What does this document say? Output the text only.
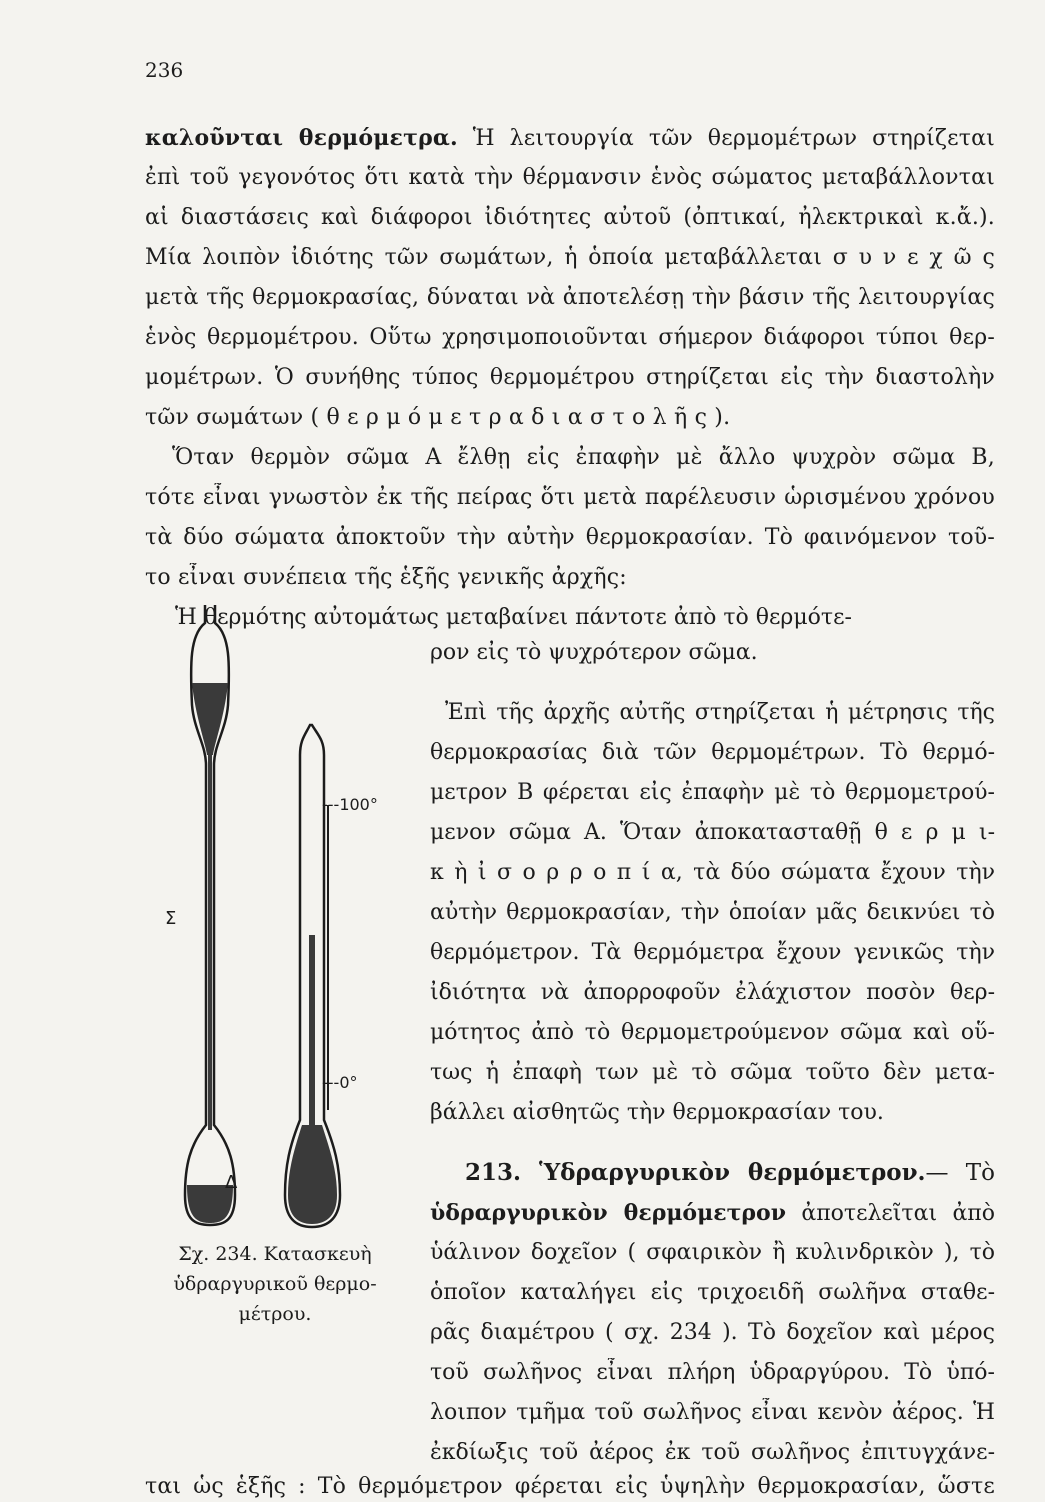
236
καλοῦνται θερμόμετρα. Ἡ λειτουργία τῶν θερμομέτρων στηρίζεται
ἐπὶ τοῦ γεγονότος ὅτι κατὰ τὴν θέρμανσιν ἑνὸς σώματος μεταβάλλονται
αἱ διαστάσεις καὶ διάφοροι ἰδιότητες αὐτοῦ (ὀπτικαί, ἠλεκτρικαὶ κ.ἄ.).
Μία λοιπὸν ἰδιότης τῶν σωμάτων, ἡ ὁποία μεταβάλλεται σ υ ν ε χ ῶ ς
μετὰ τῆς θερμοκρασίας, δύναται νὰ ἀποτελέσῃ τὴν βάσιν τῆς λειτουργίας
ἑνὸς θερμομέτρου. Οὕτω χρησιμοποιοῦνται σήμερον διάφοροι τύποι θερ-
μομέτρων. Ὁ συνήθης τύπος θερμομέτρου στηρίζεται εἰς τὴν διαστολὴν
τῶν σωμάτων ( θ ε ρ μ ό μ ε τ ρ α δ ι α σ τ ο λ ῆ ς ).
Ὅταν θερμὸν σῶμα Α ἔλθῃ εἰς ἐπαφὴν μὲ ἄλλο ψυχρὸν σῶμα Β,
τότε εἶναι γνωστὸν ἐκ τῆς πείρας ὅτι μετὰ παρέλευσιν ὡρισμένου χρόνου
τὰ δύο σώματα ἀποκτοῦν τὴν αὐτὴν θερμοκρασίαν. Τὸ φαινόμενον τοῦ-
το εἶναι συνέπεια τῆς ἑξῆς γενικῆς ἀρχῆς:
Ἡ θερμότης αὐτομάτως μεταβαίνει πάντοτε ἀπὸ τὸ θερμότε-
ρον εἰς τὸ ψυχρότερον σῶμα.
Ἐπὶ τῆς ἀρχῆς αὐτῆς στηρίζεται ἡ μέτρησις τῆς
θερμοκρασίας διὰ τῶν θερμομέτρων. Τὸ θερμό-
μετρον Β φέρεται εἰς ἐπαφὴν μὲ τὸ θερμομετρού-
μενον σῶμα Α. Ὅταν ἀποκατασταθῇ θ ε ρ μ ι-
κ ὴ ἰ σ ο ρ ρ ο π ί α, τὰ δύο σώματα ἔχουν τὴν
αὐτὴν θερμοκρασίαν, τὴν ὁποίαν μᾶς δεικνύει τὸ
θερμόμετρον. Τὰ θερμόμετρα ἔχουν γενικῶς τὴν
ἰδιότητα νὰ ἀπορροφοῦν ἐλάχιστον ποσὸν θερ-
μότητος ἀπὸ τὸ θερμομετρούμενον σῶμα καὶ οὕ-
τως ἡ ἐπαφὴ των μὲ τὸ σῶμα τοῦτο δὲν μετα-
βάλλει αἰσθητῶς τὴν θερμοκρασίαν του.
213. Ὑδραργυρικὸν θερμόμετρον.— Τὸ
ὑδραργυρικὸν θερμόμετρον ἀποτελεῖται ἀπὸ
ὑάλινον δοχεῖον ( σφαιρικὸν ἢ κυλινδρικὸν ), τὸ
ὁποῖον καταλήγει εἰς τριχοειδῆ σωλῆνα σταθε-
ρᾶς διαμέτρου ( σχ. 234 ). Τὸ δοχεῖον καὶ μέρος
τοῦ σωλῆνος εἶναι πλήρη ὑδραργύρου. Τὸ ὑπό-
λοιπον τμῆμα τοῦ σωλῆνος εἶναι κενὸν ἀέρος. Ἡ
ἐκδίωξις τοῦ ἀέρος ἐκ τοῦ σωλῆνος ἐπιτυγχάνε-
ται ὡς ἑξῆς : Τὸ θερμόμετρον φέρεται εἰς ὑψηλὴν θερμοκρασίαν, ὥστε
---100°
---0°
Σ
Δ
Σχ. 234. Κατασκευὴ
ὑδραργυρικοῦ θερμο-
μέτρου.
